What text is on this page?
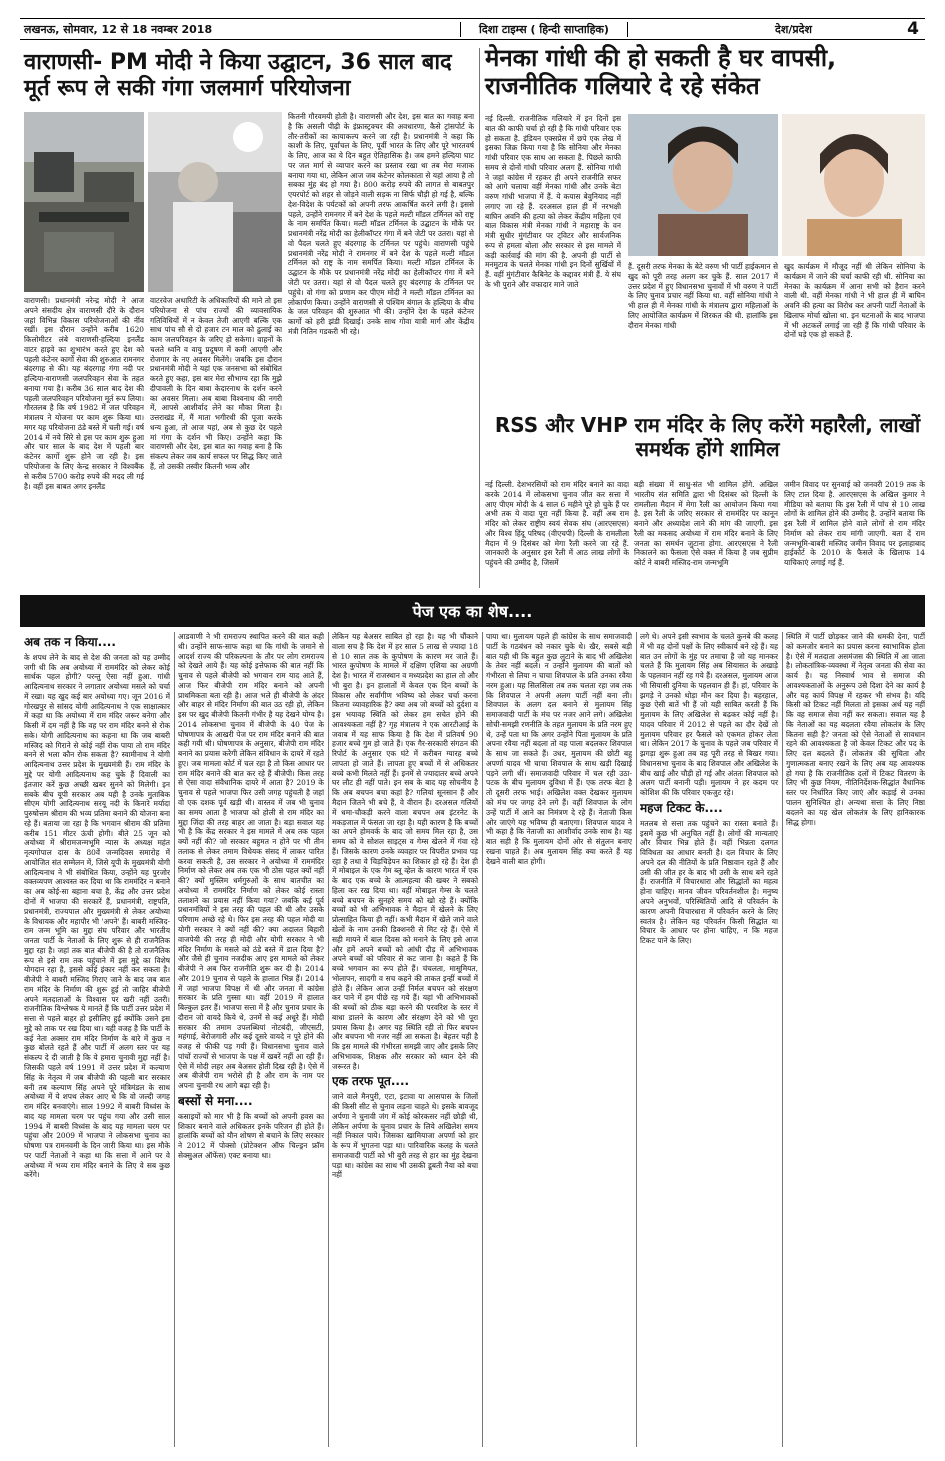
लखनऊ, सोमवार, 12 से 18 नवम्बर 2018	दिशा टाइम्स ( हिन्दी साप्ताहिक)	देश/प्रदेश	4
वाराणसी- PM मोदी ने किया उद्घाटन, 36 साल बाद मूर्त रूप ले सकी गंगा जलमार्ग परियोजना
वाराणसी। प्रधानमंत्री नरेन्द्र मोदी ने आज अपने संसदीय क्षेत्र वाराणसी दौरे के दौरान जहां विभिन्न विकास परियोजनाओं की नींव रखीं। इस दौरान उन्होंने करीब 1620 किलोमीटर लंबे वाराणसी-हल्दिया इनलैंड वाटर हाइवे का शुभारंभ करते हुए देश को पहली कंटेनर कार्गो सेवा की शुरुआत रामनगर बंदरगाह से की। यह बंदरगाह गंगा नदी पर हल्दिया-वाराणसी जलपरिवहन सेवा के तहत बनाया गया है। करीब 36 साल बाद देश की पहली जलपरिवहन परियोजना मूर्त रूप लिया। गौरतलब है कि वर्ष 1982 में जल परिवहन मंत्रालय ने योजना पर काम शुरू किया था। मगर यह परियोजना ठंडे बस्ते में चली गई। वर्ष 2014 में नये सिरे से इस पर काम शुरू हुआ और चार साल के बाद देश में पहली बार कंटेनर कार्गो शुरू होने जा रही है। इस परियोजना के लिए केन्द्र सरकार ने विश्वबैंक से करीब 5700 करोड़ रुपये की मदद ली गई है। वहीं इस बाबत अगर इनलैंड
वाटरवेज अथारिटी के अधिकारियों की माने तो इस परियोजना से पांच राज्यों की व्यावसायिक गतिविधियों में न केवल तेजी आएगी बल्कि एक साथ पांच सौ से दो हजार टन माल को ढुलाई का काम जलपरिवहन के जरिए हो सकेगा। वाहनों के चलते ध्वनि व वायु प्रदूषण में कमी आएगी और रोजगार के नए अवसर मिलेंगे। जबकि इस दौरान प्रधानमंत्री मोदी ने यहां एक जनसभा को संबोधित करते हुए कहा, इस बार मेरा सौभाग्य रहा कि मुझे दीपावली के दिन बाबा केदारनाथ के दर्शन करने का अवसर मिला। अब बाबा विश्वनाथ की नगरी में, आपसे आशीर्वाद लेने का मौका मिला है। उत्तराखंड में, मैं माता भगीरथी की पूजा करके धन्य हुआ, तो आज यहां, अब से कुछ देर पहले मां गंगा के दर्शन भी किए। उन्होंने कहा कि वाराणसी और देश, इस बात का गवाह बना है कि संकल्प लेकर जब कार्य सफल पर सिद्ध किए जाते हैं, तो उसकी तस्वीर कितनी भव्य और
कितनी गौरवमयी होती है। वाराणसी और देश, इस बात का गवाह बना है कि असली पीढ़ी के इंफ्रास्ट्रक्चर की अवधारणा, कैसे ट्रांसपोर्ट के तौर-तरीकों का कायाकल्प करने जा रही है। प्रधानमंत्री ने कहा कि काशी के लिए, पूर्वांचल के लिए, पूर्वी भारत के लिए और पूरे भारतवर्ष के लिए, आज का ये दिन बहुत ऐतिहासिक है। जब हमने हल्दिया घाट पर जल मार्ग से व्यापार करने का प्रस्ताव रखा था तब मेरा मजाक बनाया गया था, लेकिन आज जब कंटेनर कोलकाता से यहां आया है तो सबका मुंह बंद हो गया है। 800 करोड़ रुपये की लागत से बाबतपुर एयरपोर्ट को शहर से जोड़ने वाली सड़क ना सिर्फ चौड़ी हो गई है, बल्कि देश-विदेश के पर्यटकों को अपनी तरफ आकर्षित करने लगी है। इससे पहले, उन्होंने रामनगर में बने देश के पहले मल्टी मॉडल टर्मिनल को राष्ट्र के नाम समर्पित किया। मल्टी मॉडल टर्मिनल के उद्घाटन के मौके पर प्रधानमंत्री नरेंद्र मोदी का हेलीकॉप्टर गंगा में बने जेटी पर उतरा। यहां से वो पैदल चलते हुए बंदरगाह के टर्मिनल पर पहुंचे। वाराणसी पहुंचे प्रधानमंत्री नरेंद्र मोदी ने रामनगर में बने देश के पहले मल्टी मॉडल टर्मिनल को राष्ट्र के नाम समर्पित किया। मल्टी मॉडल टर्मिनल के उद्घाटन के मौके पर प्रधानमंत्री नरेंद्र मोदी का हेलीकॉप्टर गंगा में बने जेटी पर उतरा। यहां से वो पैदल चलते हुए बंदरगाह के टर्मिनल पर पहुंचे। वो गंगा को प्रणाम कर पीएम मोदी ने मल्टी मॉडल टर्मिनल का लोकार्पण किया। उन्होंने वाराणसी से पश्चिम बंगाल के हल्दिया के बीच के जल परिवहन की शुरुआत भी की। उन्होंने देश के पहले कंटेनर कार्गो को हरी झंडी दिखाई। उनके साथ गोवा यात्री मार्ग और केंद्रीय मंत्री नितिन गडकरी भी रहे।
मेनका गांधी की हो सकती है घर वापसी, राजनीतिक गलियारे दे रहे संकेत
नई दिल्ली. राजनीतिक गलियारे में इन दिनों इस बात की काफी चर्चा हो रही है कि गांधी परिवार एक हो सकता है. इंडियन एक्सप्रेस में छपे एक लेख में इसका जिक्र किया गया है कि सोनिया और मेनका गांधी परिवार एक साथ आ सकता है. पिछले काफी समय से दोनों गांधी परिवार अलग हैं. सोनिया गांधी ने जहां कांग्रेस में रहकर ही अपने राजनीति सफर को आगे चलाया वहीं मेनका गांधी और उनके बेटा वरुण गांधी भाजपा में हैं. ये कयास बेवुनियाद नहीं लगाए जा रहे हैं. दरअसल हाल ही में नरभक्षी बाघिन अवनि की हत्या को लेकर केंद्रीय महिला एवं बाल विकास मंत्री मेनका गांधी ने महाराष्ट्र के वन मंत्री सुधीर मुंगंटीवार पर ट्विटर और सार्वजनिक रूप से हमला बोला और सरकार से इस मामले में कड़ी कार्रवाई की मांग की है. अपनी ही पार्टी से मनमुटाव के चलते मेनका गांधी इन दिनों सुर्खियों में हैं. वहीं मुंगंटीवार कैबिनेट के कद्दावर मंत्री हैं. ये संघ के भी पुराने और वफादार माने जाते
हैं. दूसरी तरफ मेनका के बेटे वरुण भी पार्टी हाईकमान से खुद को पूरी तरह अलग कर चुके हैं. साल 2017 में उत्तर प्रदेश में हुए विधानसभा चुनावों में भी वरुण ने पार्टी के लिए चुनाव प्रचार नहीं किया था. वहीं सोनिया गांधी ने भी हाल ही में मेनका गांधी के मंत्रालय द्वारा महिलाओं के लिए आयोजित कार्यक्रम में शिरकत की थी. हालांकि इस दौरान मेनका गांधी
खुद कार्यक्रम में मौजूद नहीं थी लेकिन सोनिया के कार्यक्रम में जाने की चर्चा काफी रही थी. सोनिया का मेनका के कार्यक्रम में आना सभी को हैरान करने वाली थी. वहीं मेनका गांधी ने भी हाल ही में बाघिन अवनि की हत्या का विरोध कर अपनी पार्टी नेताओं के खिलाफ मोर्चा खोला था. इन घटनाओं के बाद भाजपा में भी अटकलें लगाई जा रही हैं कि गांधी परिवार के दोनों घड़े एक हो सकते हैं.
RSS और VHP राम मंदिर के लिए करेंगे महारैली, लाखों समर्थक होंगे शामिल
नई दिल्ली. देशभरसियों को राम मंदिर बनाने का वादा करके 2014 में लोकसभा चुनाव जीत कर सत्ता में आए पीएम मोदी के 4 साल 6 महीने पूरे हो चुके हैं पर अभी तक ये वादा पूरा नहीं किया है. वहीं अब राम मंदिर को लेकर राष्ट्रीय स्वयं सेवक संघ (आरएसएस) और विश्व हिंदू परिषद (वीएचपी) दिल्ली के रामलीला मैदान में 9 दिसंबर को मेगा रैली करने जा रहे हैं. जानकारी के अनुसार इस रैली में आठ लाख लोगों के पहुंचने की उम्मीद है, जिसमें
बड़ी संख्या में साधु-संत भी शामिल होंगे. अखिल भारतीय संत समिति द्वारा भी दिसंबर को दिल्ली के रामलीला मैदान में मेगा रैली का आयोजन किया गया है. इस रैली के जरिए सरकार से राममंदिर पर कानून बनाने और अध्यादेश लाने की मांग की जाएगी. इस रैली का मकसद अयोध्या में राम मंदिर बनाने के लिए जनता का समर्थन जुटाना होगा. आरएसएस ने रैली निकालने का फैसला ऐसे वक्त में किया है जब सुप्रीम कोर्ट ने बाबरी मस्जिद-राम जन्मभूमि
जमीन विवाद पर सुनवाई को जनवरी 2019 तक के लिए टाल दिया है. आरएसएस के अखिल कुमार ने मीडिया को बताया कि इस रैली में पांच से 10 लाख लोगों के शामिल होने की उम्मीद है. उन्होंने बताया कि इस रैली में शामिल होने वाले लोगों से राम मंदिर निर्माण को लेकर राय मांगी जाएगी. बता दें राम जन्मभूमि-बाबरी मस्जिद जमीन विवाद पर इलाहाबाद हाईकोर्ट के 2010 के फैसले के खिलाफ 14 याचिकाएं लगाई गई हैं.
पेज एक का शेष....
अब तक न किया....
के शपथ लेने के बाद से देश की जनता को यह उम्मीद जगी थी कि अब अयोध्या में राममंदिर को लेकर कोई सार्थक पहल होगी? परन्तु ऐसा नहीं हुआ. गांधी आदित्यनाथ सरकार ने लगातार अयोध्या मसले को चर्चा में रखा। यह खुद कई बार अयोध्या गए। जून 2016 में गोरखपुर से सांसद योगी आदित्यनाथ ने एक साक्षात्कार में कहा था कि अयोध्या में राम मंदिर जरूर बनेगा और किसी में दम नहीं है कि वह पर राम मंदिर बनने से रोक सके। योगी आदित्यनाथ का कहना था कि जब बाबरी मस्जिद को गिराने से कोई नहीं रोक पाया तो राम मंदिर बनने से भला कौन रोक सकता है? स्वामीनाथ ने योगी आदित्यनाथ उत्तर प्रदेश के मुख्यमंत्री हैं। राम मंदिर के मुद्दे पर योगी आदित्यनाथ कह चुके हैं दिवाली का इंतजार करें कुछ अच्छी खबर सुनने को मिलेगी। इन सबके बीच यूपी सरकार अब यही है उनके मुताबिक सीएम योगी आदित्यनाथ सरयू नदी के किनारे मर्यादा पुरुषोत्तम श्रीराम की भव्य प्रतिमा बनाने की योजना बना रहे हैं। बताया जा रहा है कि भगवान श्रीराम की प्रतिमा करीब 151 मीटर ऊंची होगी। बीते 25 जून को अयोध्या में श्रीरामजन्मभूमि न्यास के अध्यक्ष महंत नृत्यगोपाल दास के 80वें जन्मदिवस समारोह में आयोजित संत सम्मेलन में, जिसे यूपी के मुख्यमंत्री योगी आदित्यनाथ ने भी संबोधित किया, उन्होंने यह पुरजोर वक्तव्यपण आश्वस्त कर दिया था कि राममंदिर न बनाने का अब कोई-सा बहाना बचा है, केंद्र और उत्तर प्रदेश दोनों में भाजपा की सरकारें हैं, प्रधानमंत्री, राष्ट्रपति, प्रधानमंत्री, राज्यपाल और मुख्यमंत्री से लेकर अयोध्या के विधायक और महापौर भी 'अपने' हैं। बाबरी मस्जिद-राम जन्म भूमि का मुद्दा संघ परिवार और भारतीय जनता पार्टी के नेताओं के लिए शुरू से ही राजनैतिक मुद्दा रहा है। जहां तक बात बीजेपी की है तो राजनैतिक रूप से इसे राम तक पहुंचाने में इस मुद्दे का विशेष योगदान रहा है, इससे कोई इंकार नहीं कर सकता है। बीजेपी ने बाबरी मस्जिद गिराए जाने के बाद जब बात राम मंदिर के निर्माण की शुरू हुई तो जाहिर बीजेपी अपने मतदाताओं के विश्वास पर खरी नहीं उतरी। राजनीतिक विश्लेषक ये मानते हैं कि पार्टी उत्तर प्रदेश में सत्ता से पहले बाहर हो इसीलिए हुई क्योंकि उसने इस मुद्दे को ताक पर रख दिया था। यही वजह है कि पार्टी के कई नेता अक्सर राम मंदिर निर्माण के बारे में कुछ न कुछ बोलते रहते हैं और पार्टी में अलग स्तर पर यह संकल्प दे दी जाती है कि ये हमारा चुनावी मुद्दा नहीं है। जिसकी पहले वर्ष 1991 में उत्तर प्रदेश में कल्याण सिंह के नेतृत्व में जब बीजेपी की पहली बार सरकार बनी तब कल्याण सिंह अपने पूरे मंत्रिमंडल के साथ अयोध्या में ये शपथ लेकर आए थे कि वो जल्दी जगह राम मंदिर बनवाएंगे। साल 1992 में बाबरी विध्वंस के बाद यह मामला चरम पर पहुंच गया और उसी साल 1994 में बाबरी विध्वंस के बाद यह मामला चरम पर पहुंचा और 2009 में भाजपा ने लोकसभा चुनाव का घोषणा पत्र रामनवमी के दिन जारी किया था। इस मौके पर पार्टी नेताओं ने कहा था कि सत्ता में आने पर वे अयोध्या में भव्य राम मंदिर बनाने के लिए वे सब कुछ करेंगे।
आडवाणी ने भी रामराज्य स्थापित करने की बात कही थी। उन्होंने साफ-साफ कहा था कि गांधी के जमाने से आदर्श राज्य की परिकल्पना के तौर पर लोग रामराज्य को देखते आये हैं। यह कोई इत्तेफाक की बात नहीं कि चुनाव से पहले बीजेपी को भगवान राम याद आते हैं, आज फिर बीजेपी राम मंदिर बनाने को अपनी प्राथमिकता बता रही है। आज भले ही बीजेपी के अंदर और बाहर से मंदिर निर्माण की बात उठ रही हो, लेकिन इस पर खुद बीजेपी कितनी गंभीर है यह देखने योग्य है। 2014 लोकसभा चुनाव में बीजेपी के 40 पेज के घोषणापत्र के आखरी पेज पर राम मंदिर बनाने की बात कही गयी थी। घोषणापत्र के अनुसार, बीजेपी राम मंदिर बनाने का प्रयास करेगी लेकिन संविधान के दायरे में रहते हुए। जब मामला कोर्ट में चल रहा है तो किस आधार पर राम मंदिर बनाने की बात कर रहे हैं बीजेपी। किस तरह से ऐसा वादा संवैधानिक दायरे में आता है? 2019 के चुनाव से पहले भाजपा फिर उसी जगह पहुंचती है जहां वो एक दशक पूर्व खड़ी थी। वास्तव में जब भी चुनाव का समय आता है भाजपा को होली से राम मंदिर का मुद्दा जिंदा की तरह बाहर आ जाता है। बड़ा सवाल यह भी है कि केंद्र सरकार ने इस मामले में अब तक पहल क्यों नहीं की? जो सरकार बहुमत न होने पर भी तीन तलाक से लेकर तमाम विधेयक संसद में लाकर पारित करवा सकती है, उस सरकार ने अयोध्या में राममंदिर निर्माण को लेकर अब तक एक भी ठोस पहल क्यों नहीं की? क्यों मुस्लिम धर्मगुरुओं के साथ बातचीत का अयोध्या में राममंदिर निर्माण को लेकर कोई रास्ता तलाशने का प्रयास नहीं किया गया? जबकि कई पूर्व प्रधानमंत्रियों ने इस तरह की पहल की थी और उसके परिणाम अच्छे रहे थे। फिर इस तरह की पहल मोदी या योगी सरकार ने क्यों नहीं की? क्या अदालत बिहारी वाजपेयी की तरह ही मोदी और योगी सरकार ने भी मंदिर निर्माण के मसले को ठंडे बस्ते में डाल दिया है? और जैसे ही चुनाव नजदीक आए इस मामले को लेकर बीजेपी ने अब फिर राजनीति शुरू कर दी है। 2014 और 2019 चुनाव से पहले के हालात भिन्न हैं। 2014 में जहां भाजपा विपक्ष में थी और जनता में कांग्रेस सरकार के प्रति गुस्सा था। वहीं 2019 में हालात बिल्कुल इतर हैं। भाजपा सत्ता में है और चुनाव प्रचार के दौरान जो वायदे किये थे, उनमें से कई अधूरे हैं। मोदी सरकार की तमाम उपलब्धियां नोटबंदी, जीएसटी, महंगाई, बेरोजगारी और कई दूसरे वायदे न पूरे होने की वजह से फीकी पड़ गयी हैं। विधानसभा चुनाव वाले पांचों राज्यों से भाजपा के पक्ष में खबरें नहीं आ रही हैं। ऐसे में मोदी लहर अब बेअसर होती दिख रही है। ऐसे में अब बीजेपी राम भरोसे ही है और राम के नाम पर अपना चुनावी रथ आगे बढ़ा रही है।
बस्सों से मना....
कसाइयों को मार भी है कि बच्चों को अपनी हवस का शिकार बनाने वाले अधिकतर इनके परिजन ही होते हैं। हालांकि बच्चों को यौन शोषण से बचाने के लिए सरकार ने 2012 में पोक्सो (प्रोटेक्शन ऑफ चिल्ड्रन फ्रॉम सेक्सुअल ऑफेंस) एक्ट बनाया था।
लेकिन यह बेअसर साबित हो रहा है। यह भी चौंकाने वाला सच है कि देश में हर साल 5 लाख से ज्यादा 18 से 10 साल तक के कुपोषण के कारण मर जाते हैं। भारत कुपोषण के मामले में दक्षिण एशिया का अग्रणी देश है। भारत में राजस्थान व मध्यप्रदेश का हाल तो और भी बुरा है। इन हालातों में केवल एक दिन बच्चों के विकास और सर्वांगीण भविष्य को लेकर चर्चा करना कितना व्यावहारिक है? क्या अब जो बच्चों को दुर्दशा व इस भयावह स्थिति को लेकर हम सचेत होने की आवश्यकता नहीं है? गृह मंत्रालय ने एक आरटीआई के जवाब में यह साफ किया है कि देश में प्रतिवर्ष 90 हजार बच्चे गुम हो जाते हैं। एक गैर-सरकारी संगठन की रिपोर्ट के अनुसार एक घंटे में करीबन ग्यारह बच्चे लापता हो जाते हैं। लापता हुए बच्चों में से अधिकतर बच्चे कभी मिलते नहीं हैं। इनमें से ज्यादातर बच्चे अपने घर लौट ही नहीं पाते। इन सब के बाद यह सोचनीय है कि अब बचपन बचा कहां है? गलियां सूनसान हैं और मैदान जितने भी बचे हैं, वे वीरान हैं। दरअसल गलियों में धमा-चौकड़ी करने वाला बचपन अब इंटरनेट के मकड़जाल में फंसता जा रहा है। यही कारण है कि बच्चों का अपने होमवर्क के बाद जो समय मिल रहा है, उस समय को वे सोशल साइट्स व गेम्स खेलने में गंवा रहे हैं। जिसके कारण उनके व्यवहार पर विपरीत प्रभाव पड़ रहा है तथा वे चिड़चिड़ेपन का शिकार हो रहे हैं। देश ही में मोबाइल के एक गेम ब्लू व्हेल के कारण भारत में एक के बाद एक बच्चे के आत्महत्या की खबर ने सबको हिला कर रख दिया था। वहीं मोबाइल गेम्स के चलते बच्चे बचपन के सुनहरे समय को खो रहे हैं। क्योंकि बच्चों को भी अभिभावक ने मैदान में खेलने के लिए प्रोत्साहित किया ही नहीं। कभी मैदान में खेले जाने वाले खेलों के नाम उनकी डिक्शनरी से मिट रहे हैं। ऐसे में सही मायने में बाल दिवस को मनाने के लिए इसे आज और हमें अपने बच्चों को आंधी दौड़ में अभिभावक अपने बच्चों को परिवार से कट जाना है। कहते हैं कि बच्चे भगवान का रूप होते हैं। चंचलता, मासूमियत, भोलापन, सादगी व सच कहने की ताकत इन्हीं बच्चों में होते हैं। लेकिन आज उन्हीं निर्मल बचपन को संरक्षण कर पाने में हम पीछे रह गये हैं। यहां भी अभिभावकों की बच्चों को ठीक बड़ा करने की परवरिश के स्तर में बाधा डालने के कारण और संरक्षण देने को भी पूरा प्रयास किया है। अगर यह स्थिति रही तो फिर बचपन और बचपना भी नजर नहीं आ सकता है। बेहतर यही है कि इस मामले की गंभीरता समझी जाए और इसके लिए अभिभावक, शिक्षक और सरकार को ध्यान देने की जरूरत है।
एक तरफ पूत....
जाने वाले मैनपुरी, एटा, इटावा या आसपास के जिलों की किसी सीट से चुनाव लड़ना चाहते थे। इसके बावजूद अर्पणा ने चुनावी जंग में कोई कोरकसर नहीं छोड़ी थी, लेकिन अर्पणा के चुनाव प्रचार के लिये अखिलेश समय नहीं निकाल पाये। जिसका खामियाजा अपर्णा को हार के रूप में भुगतना पड़ा था। पारिवारिक कलह के चलते समाजवादी पार्टी को भी बुरी तरह से हार का मुंह देखना पड़ा था। कांग्रेस का साथ भी उसकी डूबती नैया को बचा नहीं
पाया था। मुलायम पहले ही कांग्रेस के साथ समाजवादी पार्टी के गठबंधन को नकार चुके थे। खैर, सबसे बड़ी बात यही थी कि बहुत कुछ लुटाने के बाद भी अखिलेश के तेवर नहीं बदले। न उन्होंने मुलायम की बातों को गंभीरता से लिया न चाचा शिवपाल के प्रति उनका रवैया नरम हुआ। यह सिलसिला तब तक चलता रहा जब तक कि शिवपाल ने अपनी अलग पार्टी नहीं बना ली। शिवपाल के अलग दल बनाने से मुलायम सिंह समाजवादी पार्टी के मंच पर नजर आने लगे। अखिलेश सोची-समझी रणनीति के तहत मुलायम के प्रति नरम हुए थे, उन्हें पता था कि अगर उन्होंने पिता मुलायम के प्रति अपना रवैया नहीं बदला तो वह पाला बदलकर शिवपाल के साथ जा सकते हैं। उधर, मुलायम की छोटी बहु अपर्णा यादव भी चाचा शिवपाल के साथ खड़ी दिखाई पड़ने लगी थीं। समाजवादी परिवार में चल रही उठा-पटक के बीच मुलायम दुविधा में हैं। एक तरफ बेटा है तो दूसरी तरफ भाई। अखिलेश वक्त देखकर मुलायम को मंच पर जगह देने लगे हैं। वहीं शिवपाल के लोग उन्हें पार्टी में आने का निमंत्रण दे रहे हैं। नेताजी किस ओर जाएंगे यह भविष्य ही बताएगा। शिवपाल यादव ने भी कहा है कि नेताजी का आशीर्वाद उनके साथ है। यह बात सही है कि मुलायम दोनों ओर से संतुलन बनाए रखना चाहते हैं। अब मुलायम सिंह क्या करते हैं यह देखने वाली बात होगी।
लगे थे। अपने इसी स्वभाव के चलते कुनबे की कलह में भी वह दोनों पक्षों के लिए स्वीकार्य बने रहे हैं। यह बात उन लोगों के मुंह पर तमाचा है जो यह मानकर चलते हैं कि मुलायम सिंह अब सियासत के अखाड़े के पहलवान नहीं रह गये हैं। दरअसल, मुलायम आज भी सियासी दुनिया के पहलवान ही हैं। हां, परिवार के झगड़े ने उनको थोड़ा मौन कर दिया है। बहरहाल, कुछ ऐसी बातें भी हैं जो यही साबित करती हैं कि मुलायम के लिए अखिलेश से बढ़कर कोई नहीं है। यादव परिवार में 2012 से पहले का दौर देखें तो मुलायम परिवार हर फैसले को एकमत होकर लेता था। लेकिन 2017 के चुनाव के पहले जब परिवार में झगड़ा शुरू हुआ तब वह पूरी तरह से बिखर गया। विधानसभा चुनाव के बाद शिवपाल और अखिलेश के बीच खाई और चौड़ी हो गई और अंततः शिवपाल को अलग पार्टी बनानी पड़ी। मुलायम ने हर कदम पर कोशिश की कि परिवार एकजुट रहे।
महज टिकट के....
मतलब से सत्ता तक पहुंचने का रास्ता बनाते हैं। इसमें कुछ भी अनुचित नहीं है। लोगों की मान्यताएं और विचार भिन्न होते हैं। वहीं भिन्नता दलगत विविधता का आधार बनती है। दल विचार के लिए अपने दल की नीतियों के प्रति निष्ठावान रहते हैं और उसी की जीत हर के बाद भी उसी के साथ बने रहते हैं। राजनीति में विचारधारा और सिद्धांतों का महत्व होना चाहिए। मानव जीवन परिवर्तनशील है। मनुष्य अपने अनुभवों, परिस्थितियों आदि से परिवर्तन के कारण अपनी विचारधारा में परिवर्तन करने के लिए स्वतंत्र है। लेकिन यह परिवर्तन किसी सिद्धांत या विचार के आधार पर होना चाहिए, न कि महज टिकट पाने के लिए।
स्थिति में पार्टी छोड़कर जाने की धमकी देना, पार्टी को कमजोर बनाने का प्रयास करना स्वाभाविक होता है। ऐसे में मतदाता असमंजस की स्थिति में आ जाता है। लोकतांत्रिक-व्यवस्था में नेतृत्व जनता की सेवा का कार्य है। यह निस्वार्थ भाव से समाज की आवश्यकताओं के अनुरूप उसे दिशा देने का कार्य है और यह कार्य विपक्ष में रहकर भी संभव है। यदि किसी को टिकट नहीं मिलता तो इसका अर्थ यह नहीं कि वह समाज सेवा नहीं कर सकता। सवाल यह है कि नेताओं का यह बदलता रवैया लोकतंत्र के लिए कितना सही है? जनता को ऐसे नेताओं से सावधान रहने की आवश्यकता है जो केवल टिकट और पद के लिए दल बदलते हैं। लोकतंत्र की सुचिता और गुणात्मकता बनाए रखने के लिए अब यह आवश्यक हो गया है कि राजनीतिक दलों में टिकट वितरण के लिए भी कुछ नियम, नीतिनिर्देशक-सिद्धांत वैधानिक स्तर पर निर्धारित किए जाएं और कड़ाई से उनका पालन सुनिश्चित हो। अन्यथा सत्ता के लिए निष्ठा बदलने का यह खेल लोकतंत्र के लिए हानिकारक सिद्ध होगा।
